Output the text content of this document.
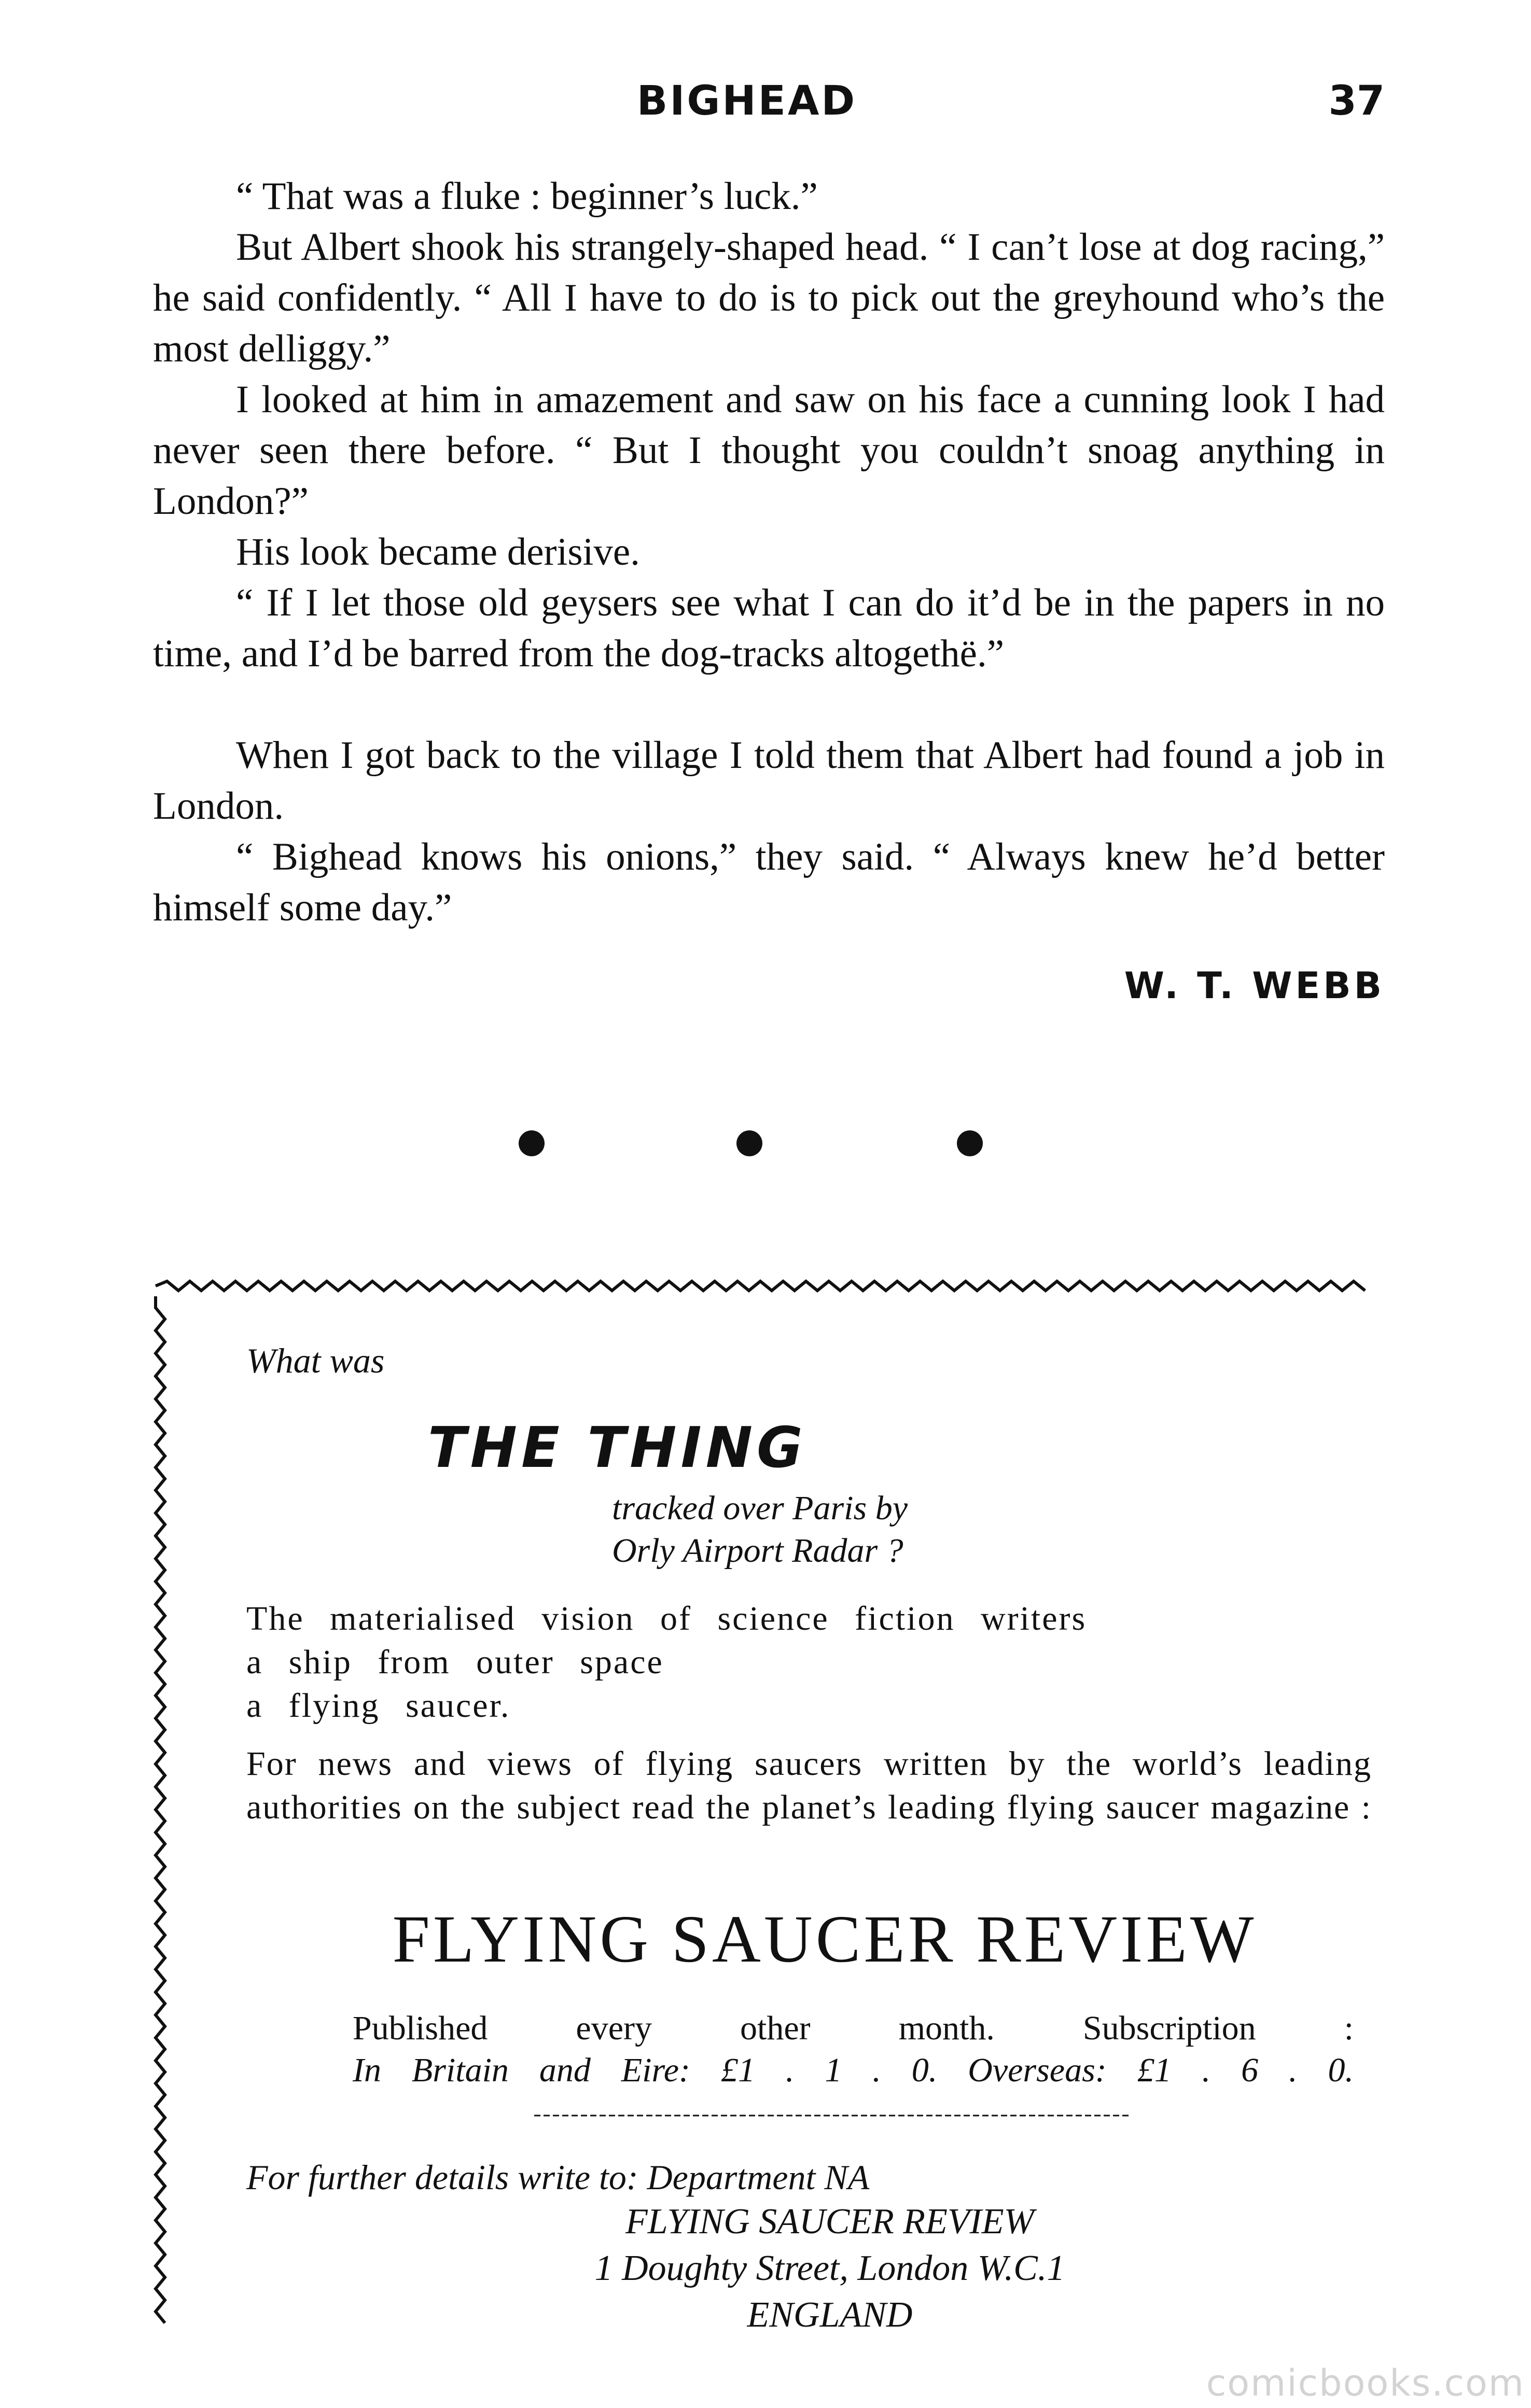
BIGHEAD	37

“ That was a fluke : beginner’s luck.”

But Albert shook his strangely-shaped head. “ I can’t lose at dog racing,” he said confidently. “ All I have to do is to pick out the greyhound who’s the most delliggy.”

I looked at him in amazement and saw on his face a cunning look I had never seen there before. “ But I thought you couldn’t snoag anything in London?”

His look became derisive.

“ If I let those old geysers see what I can do it’d be in the papers in no time, and I’d be barred from the dog-tracks altogethë.”

When I got back to the village I told them that Albert had found a job in London.

“ Bighead knows his onions,” they said. “ Always knew he’d better himself some day.”

W. T. WEBB
What was
THE THING
tracked over Paris by
Orly Airport Radar ?
The materialised vision of science fiction writers
a ship from outer space
a flying saucer.
For news and views of flying saucers written by the world’s leading authorities on the subject read the planet’s leading flying saucer magazine :
FLYING SAUCER REVIEW
Published every other month. Subscription :
In Britain and Eire: £1 . 1 . 0. Overseas: £1 . 6 . 0.
For further details write to: Department NA
FLYING SAUCER REVIEW
1 Doughty Street, London W.C.1
ENGLAND
comicbooks.com
